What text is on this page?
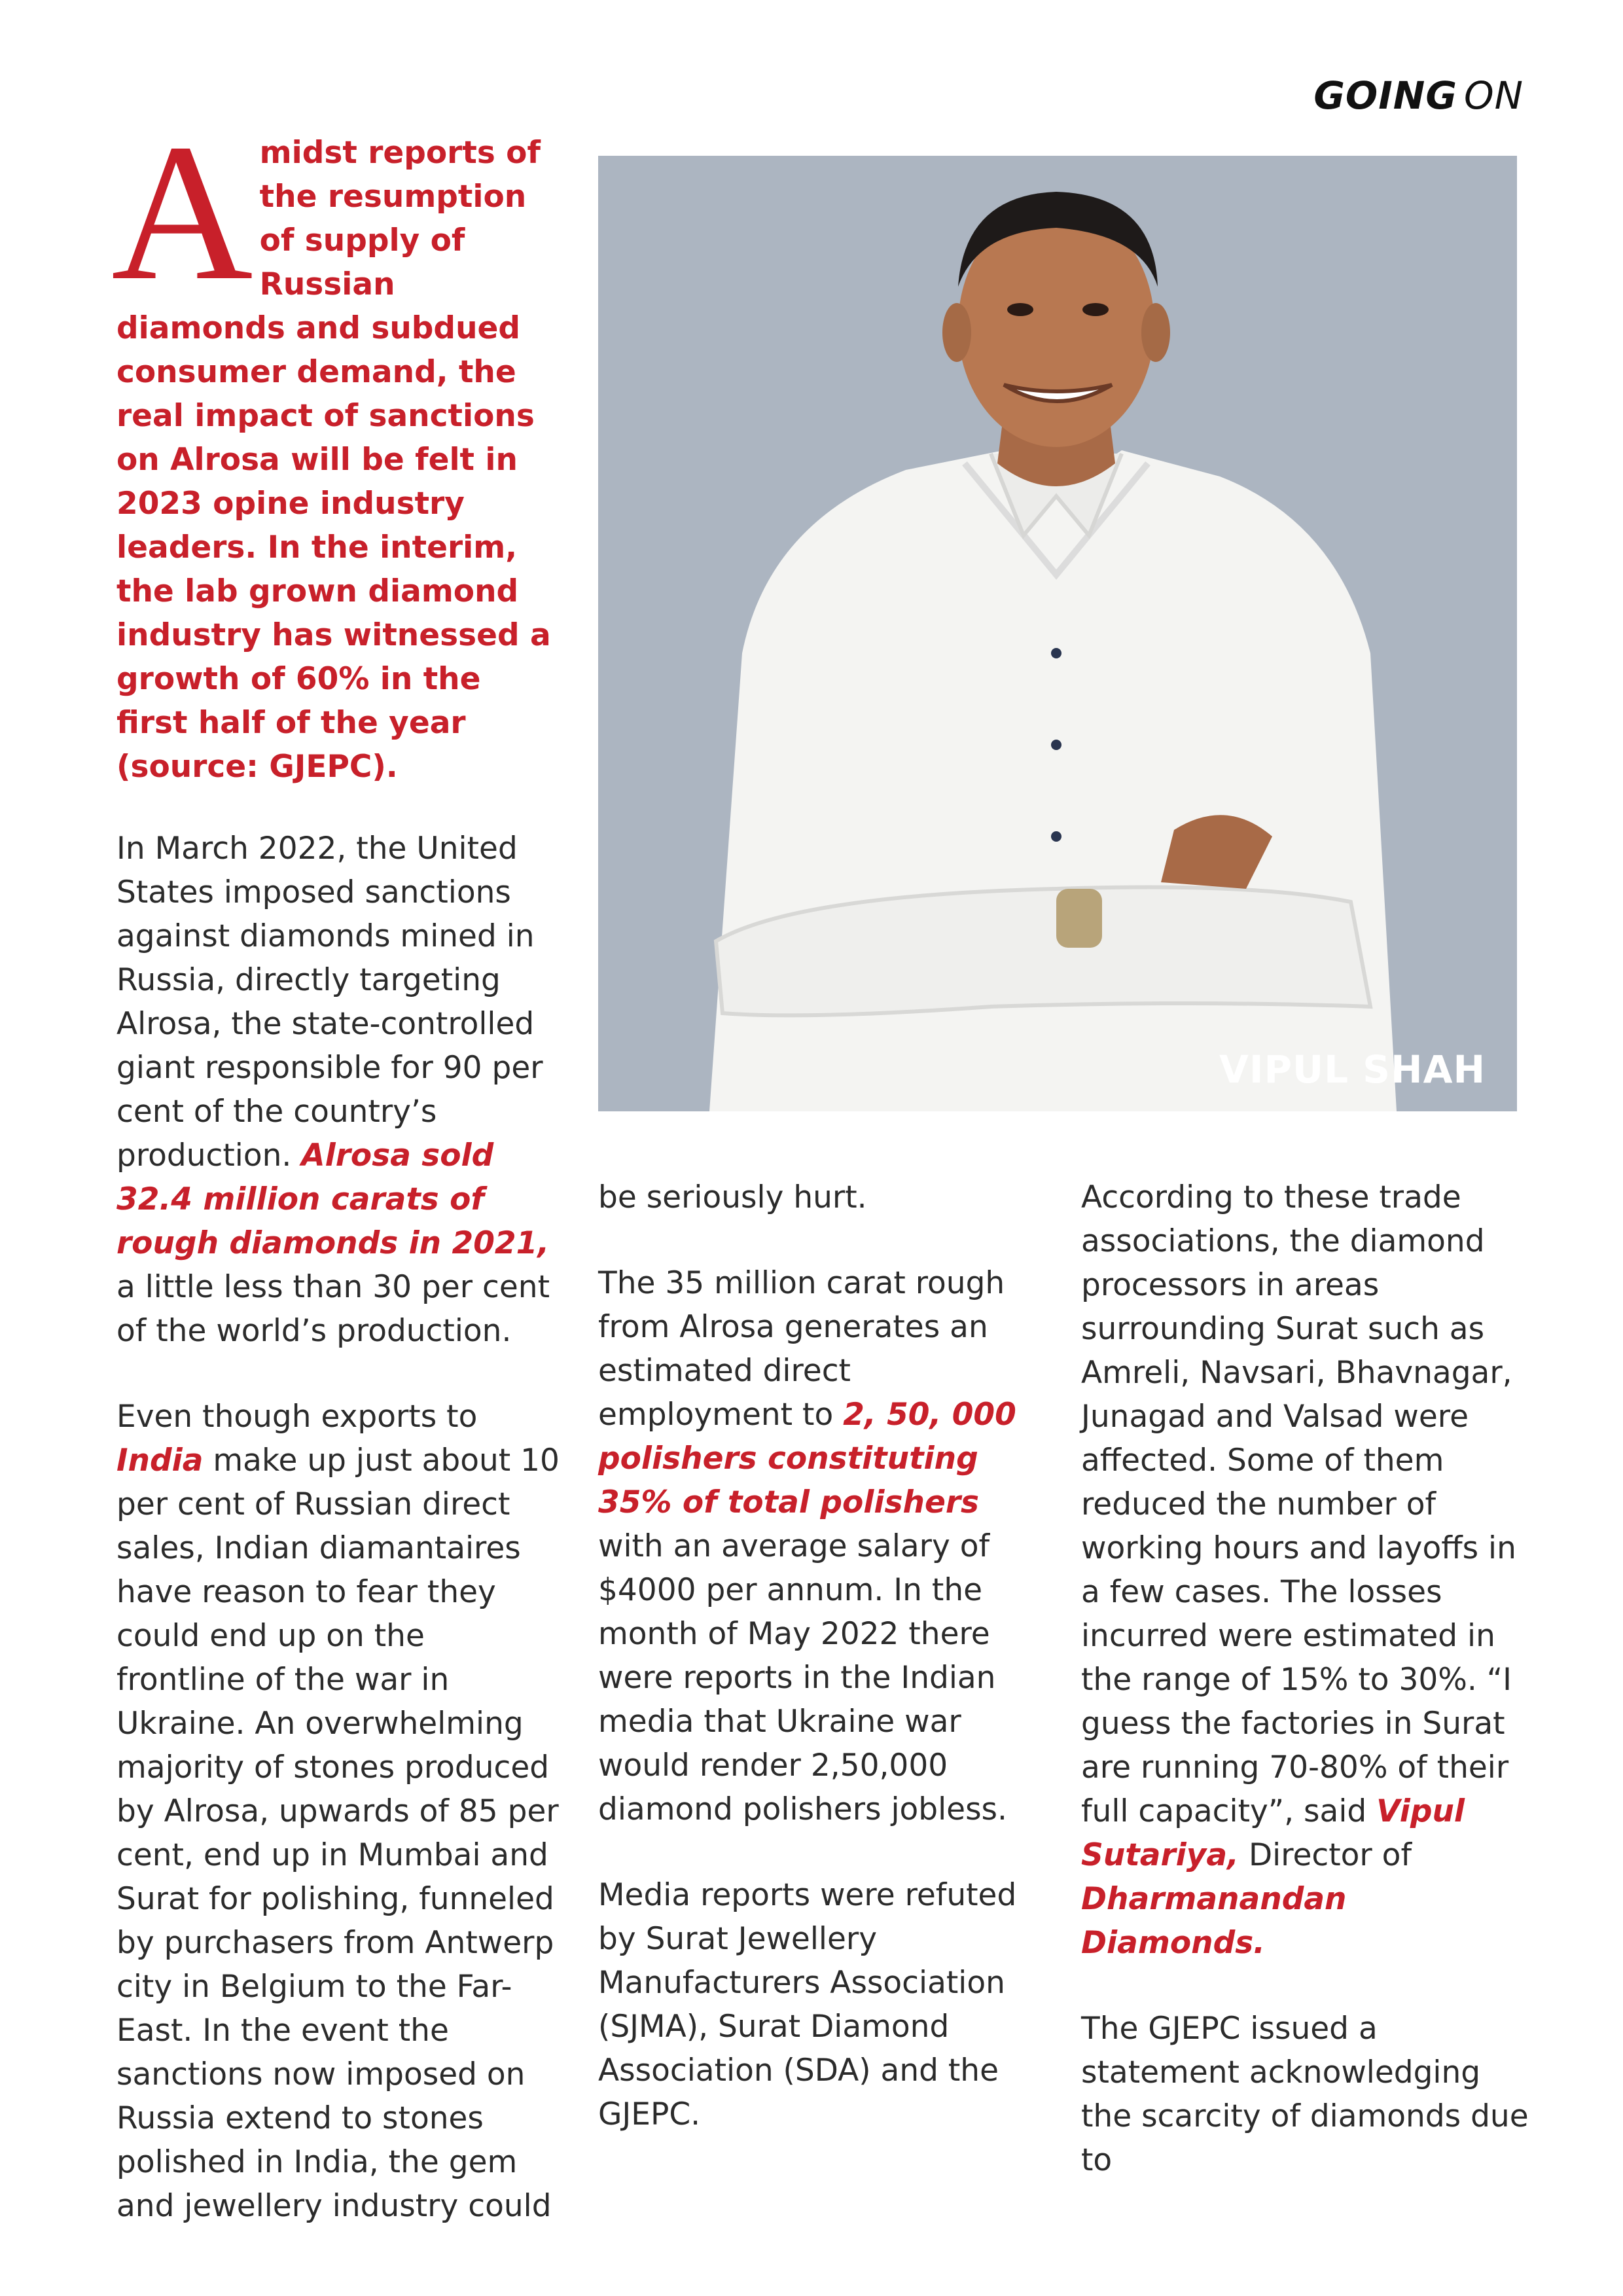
GOING ON
Amidst reports of the resumption of supply of Russian diamonds and subdued consumer demand, the real impact of sanctions on Alrosa will be felt in 2023 opine industry leaders. In the interim, the lab grown diamond industry has witnessed a growth of 60% in the first half of the year (source: GJEPC).

In March 2022, the United States imposed sanctions against diamonds mined in Russia, directly targeting Alrosa, the state-controlled giant responsible for 90 per cent of the country’s production. Alrosa sold 32.4 million carats of rough diamonds in 2021, a little less than 30 per cent of the world’s production.

Even though exports to India make up just about 10 per cent of Russian direct sales, Indian diamantaires have reason to fear they could end up on the frontline of the war in Ukraine. An overwhelming majority of stones produced by Alrosa, upwards of 85 per cent, end up in Mumbai and Surat for polishing, funneled by purchasers from Antwerp city in Belgium to the Far-East. In the event the sanctions now imposed on Russia extend to stones polished in India, the gem and jewellery industry could

VIPUL SHAH

be seriously hurt.

The 35 million carat rough from Alrosa generates an estimated direct employment to 2, 50, 000 polishers constituting 35% of total polishers with an average salary of $4000 per annum. In the month of May 2022 there were reports in the Indian media that Ukraine war would render 2,50,000 diamond polishers jobless.

Media reports were refuted by Surat Jewellery Manufacturers Association (SJMA), Surat Diamond Association (SDA) and the GJEPC.

According to these trade associations, the diamond processors in areas surrounding Surat such as Amreli, Navsari, Bhavnagar, Junagad and Valsad were affected. Some of them reduced the number of working hours and layoffs in a few cases. The losses incurred were estimated in the range of 15% to 30%. “I guess the factories in Surat are running 70-80% of their full capacity”, said Vipul Sutariya, Director of Dharmanandan Diamonds.

The GJEPC issued a statement acknowledging the scarcity of diamonds due to
